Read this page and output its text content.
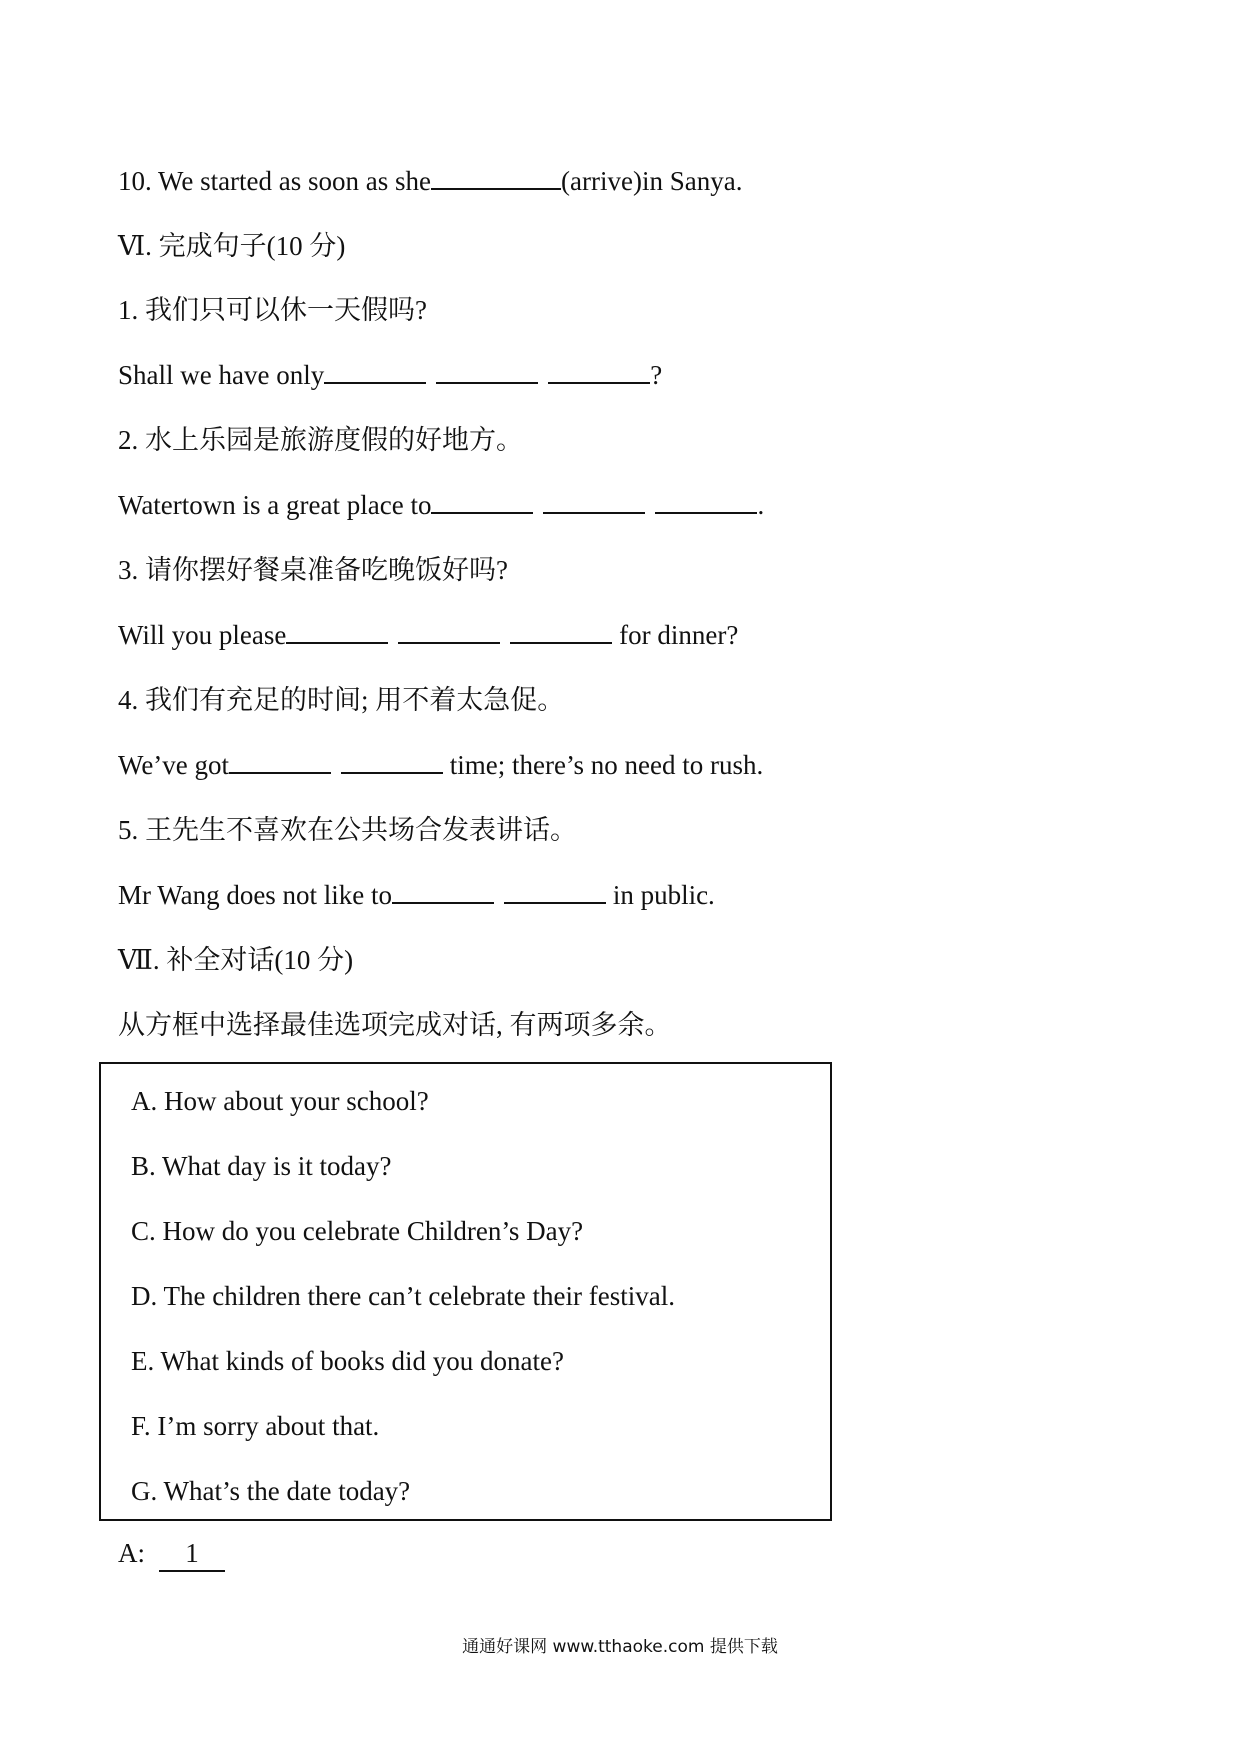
10. We started as soon as she	(arrive)in Sanya.
Ⅵ. 完成句子(10 分)
1. 我们只可以休一天假吗?
Shall we have only	?
2. 水上乐园是旅游度假的好地方。
Watertown is a great place to	.
3. 请你摆好餐桌准备吃晚饭好吗?
Will you please	for dinner?
4. 我们有充足的时间; 用不着太急促。
We’ve got	time; there’s no need to rush.
5. 王先生不喜欢在公共场合发表讲话。
Mr Wang does not like to	in public.
Ⅶ. 补全对话(10 分)
从方框中选择最佳选项完成对话, 有两项多余。
A. How about your school?
B. What day is it today?
C. How do you celebrate Children’s Day?
D. The children there can’t celebrate their festival.
E. What kinds of books did you donate?
F. I’m sorry about that.
G. What’s the date today?
A: 1
通通好课网 www.tthaoke.com 提供下载
